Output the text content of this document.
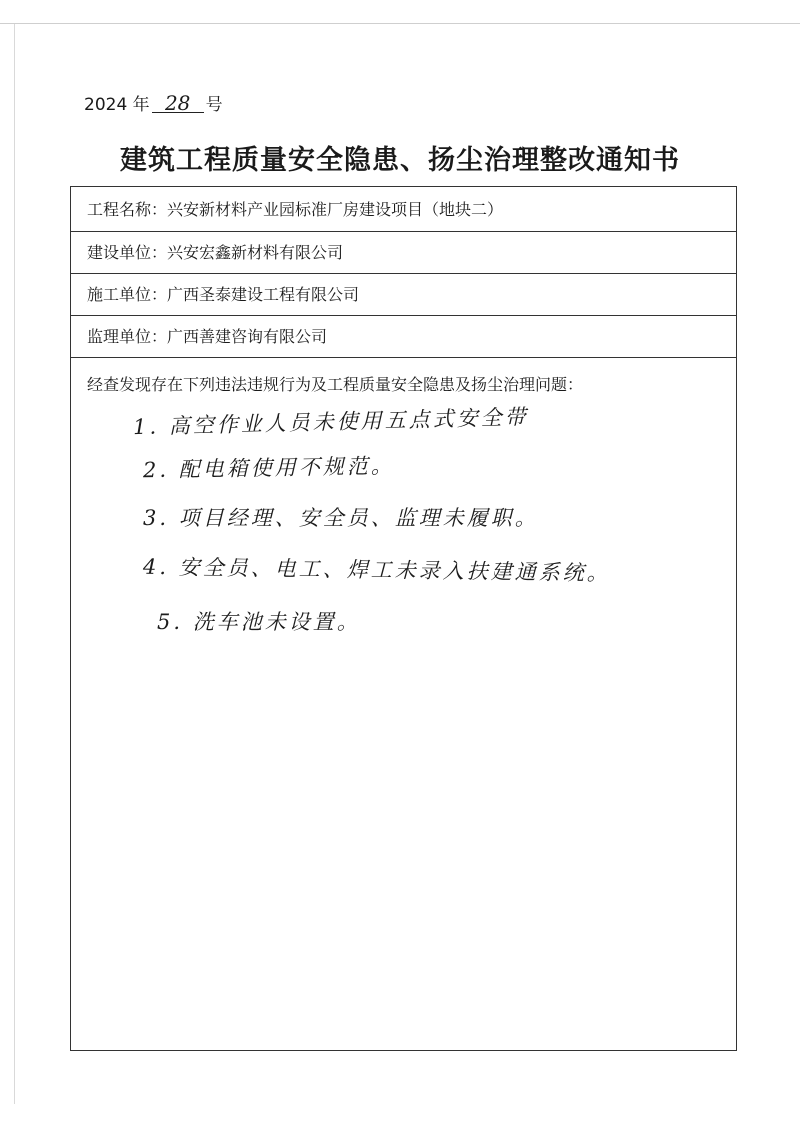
2024 年 28 号
建筑工程质量安全隐患、扬尘治理整改通知书
工程名称：兴安新材料产业园标准厂房建设项目（地块二）
建设单位：兴安宏鑫新材料有限公司
施工单位：广西圣泰建设工程有限公司
监理单位：广西善建咨询有限公司
经查发现存在下列违法违规行为及工程质量安全隐患及扬尘治理问题：
1. 高空作业人员未使用五点式安全带
2. 配电箱使用不规范。
3. 项目经理、安全员、监理未履职。
4. 安全员、电工、焊工未录入扶建通系统。
5. 洗车池未设置。
